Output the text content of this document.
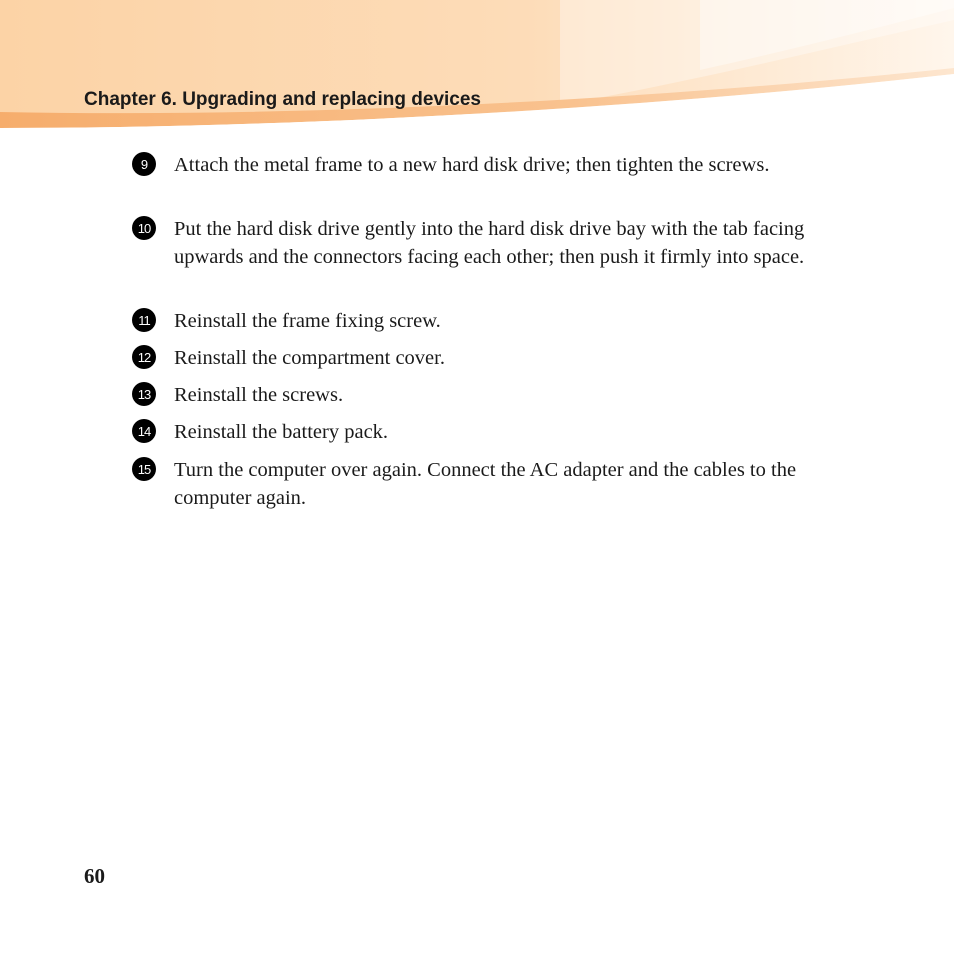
Chapter 6. Upgrading and replacing devices
9	Attach the metal frame to a new hard disk drive; then tighten the screws.
10 Put the hard disk drive gently into the hard disk drive bay with the tab facing upwards and the connectors facing each other; then push it firmly into space.
11	Reinstall the frame fixing screw.
12 Reinstall the compartment cover.
13 Reinstall the screws.
14 Reinstall the battery pack.
15 Turn the computer over again. Connect the AC adapter and the cables to the computer again.

60
